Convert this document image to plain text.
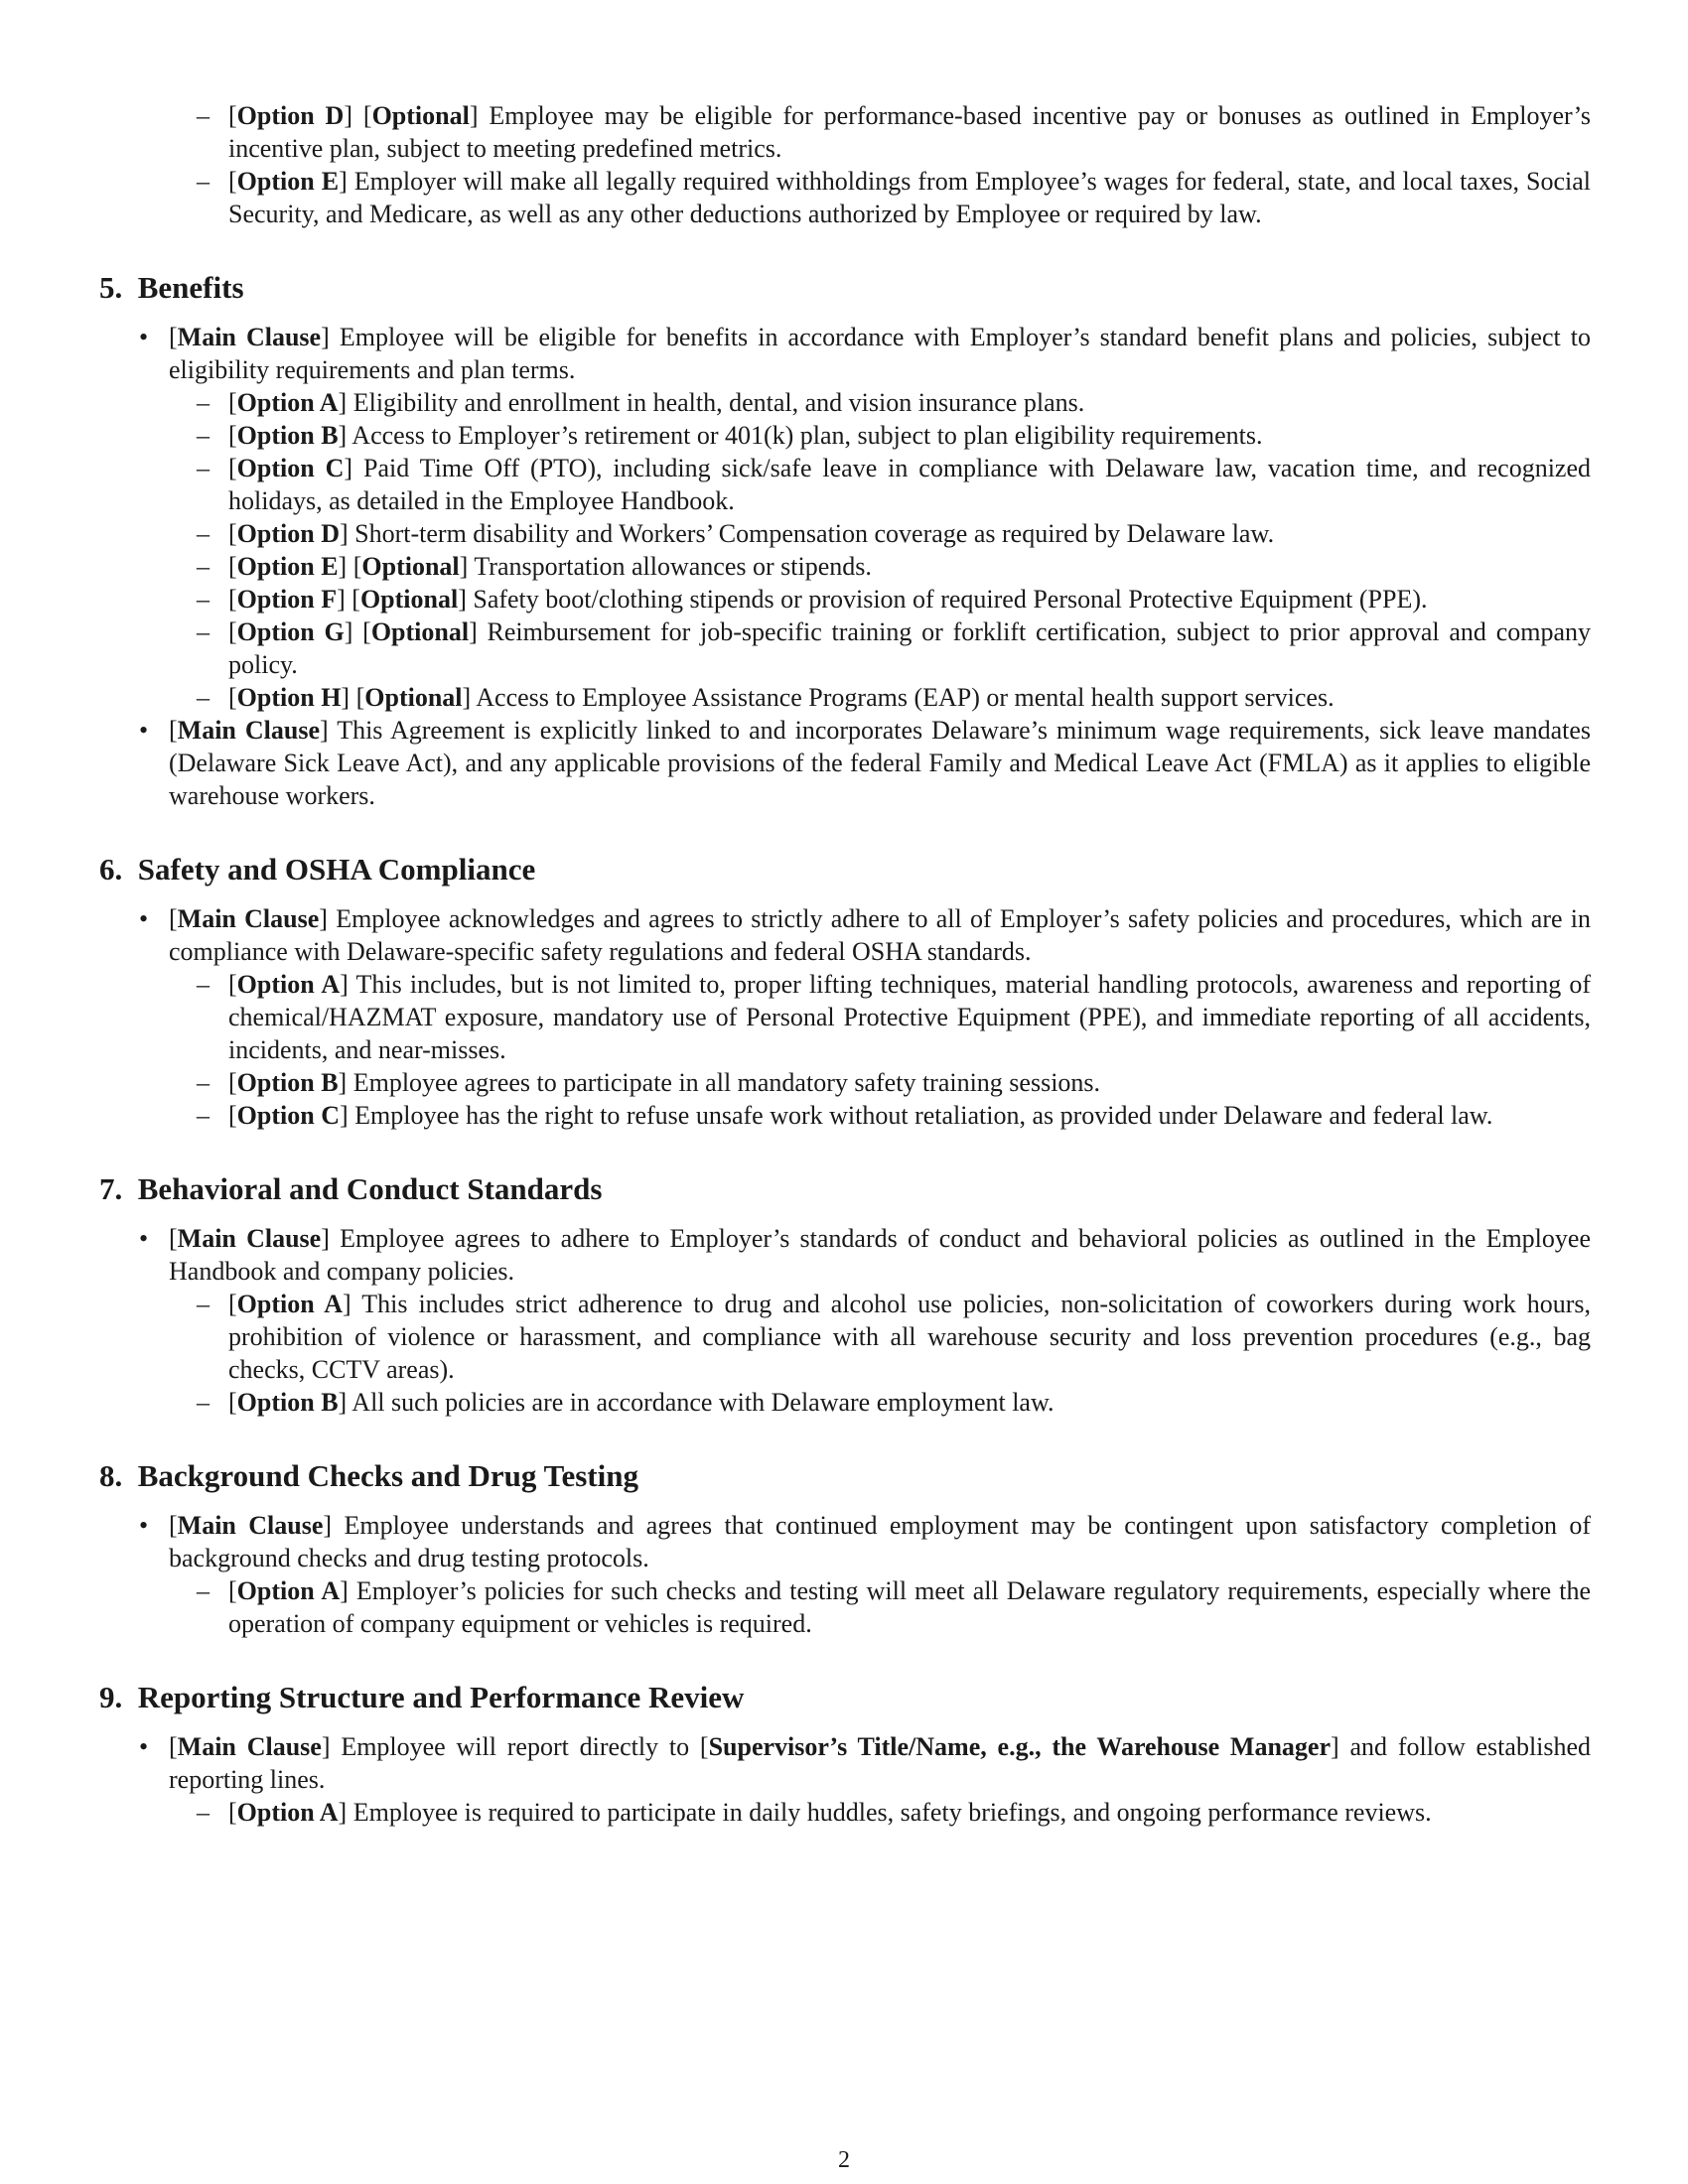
– [Option D] [Optional] Employee may be eligible for performance-based incentive pay or bonuses as outlined in Employer’s incentive plan, subject to meeting predefined metrics.
– [Option E] Employer will make all legally required withholdings from Employee’s wages for federal, state, and local taxes, Social Security, and Medicare, as well as any other deductions authorized by Employee or required by law.
5. Benefits
• [Main Clause] Employee will be eligible for benefits in accordance with Employer’s standard benefit plans and policies, subject to eligibility requirements and plan terms.
– [Option A] Eligibility and enrollment in health, dental, and vision insurance plans.
– [Option B] Access to Employer’s retirement or 401(k) plan, subject to plan eligibility requirements.
– [Option C] Paid Time Off (PTO), including sick/safe leave in compliance with Delaware law, vacation time, and recognized holidays, as detailed in the Employee Handbook.
– [Option D] Short-term disability and Workers’ Compensation coverage as required by Delaware law.
– [Option E] [Optional] Transportation allowances or stipends.
– [Option F] [Optional] Safety boot/clothing stipends or provision of required Personal Protective Equipment (PPE).
– [Option G] [Optional] Reimbursement for job-specific training or forklift certification, subject to prior approval and company policy.
– [Option H] [Optional] Access to Employee Assistance Programs (EAP) or mental health support services.
• [Main Clause] This Agreement is explicitly linked to and incorporates Delaware’s minimum wage requirements, sick leave mandates (Delaware Sick Leave Act), and any applicable provisions of the federal Family and Medical Leave Act (FMLA) as it applies to eligible warehouse workers.
6. Safety and OSHA Compliance
• [Main Clause] Employee acknowledges and agrees to strictly adhere to all of Employer’s safety policies and procedures, which are in compliance with Delaware-specific safety regulations and federal OSHA standards.
– [Option A] This includes, but is not limited to, proper lifting techniques, material handling protocols, awareness and reporting of chemical/HAZMAT exposure, mandatory use of Personal Protective Equipment (PPE), and immediate reporting of all accidents, incidents, and near-misses.
– [Option B] Employee agrees to participate in all mandatory safety training sessions.
– [Option C] Employee has the right to refuse unsafe work without retaliation, as provided under Delaware and federal law.
7. Behavioral and Conduct Standards
• [Main Clause] Employee agrees to adhere to Employer’s standards of conduct and behavioral policies as outlined in the Employee Handbook and company policies.
– [Option A] This includes strict adherence to drug and alcohol use policies, non-solicitation of coworkers during work hours, prohibition of violence or harassment, and compliance with all warehouse security and loss prevention procedures (e.g., bag checks, CCTV areas).
– [Option B] All such policies are in accordance with Delaware employment law.
8. Background Checks and Drug Testing
• [Main Clause] Employee understands and agrees that continued employment may be contingent upon satisfactory completion of background checks and drug testing protocols.
– [Option A] Employer’s policies for such checks and testing will meet all Delaware regulatory requirements, especially where the operation of company equipment or vehicles is required.
9. Reporting Structure and Performance Review
• [Main Clause] Employee will report directly to [Supervisor’s Title/Name, e.g., the Warehouse Manager] and follow established reporting lines.
– [Option A] Employee is required to participate in daily huddles, safety briefings, and ongoing performance reviews.
2
